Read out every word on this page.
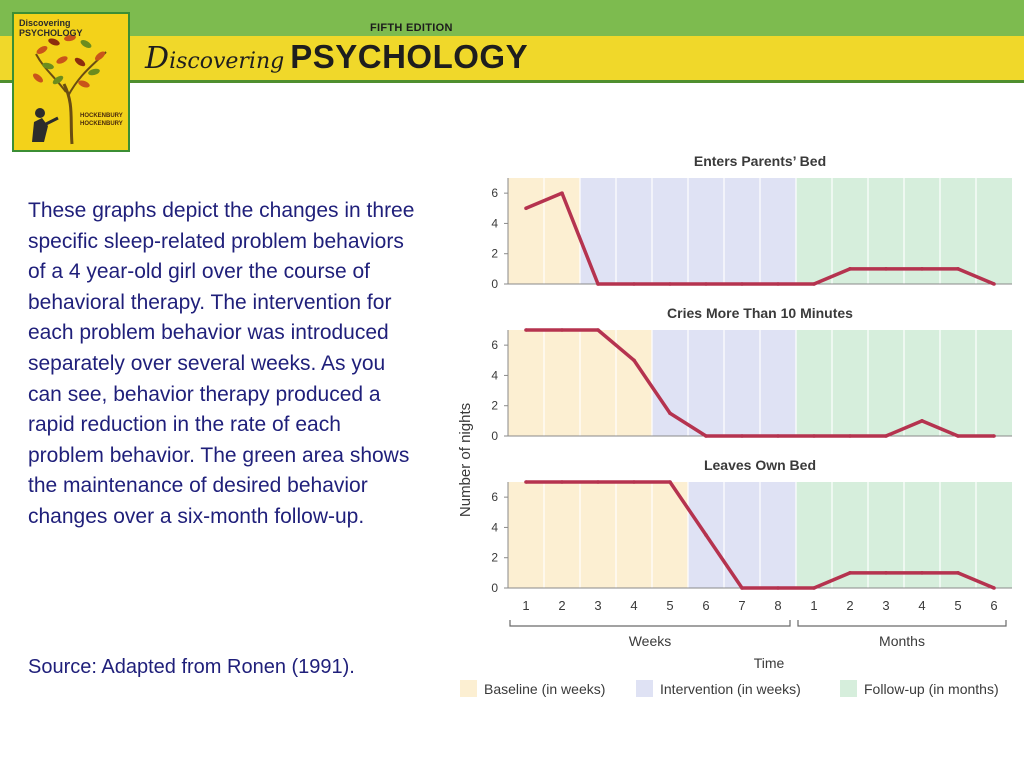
FIFTH EDITION
D iscovering PSYCHOLOGY
Discovering PSYCHOLOGY
HOCKENBURY
HOCKENBURY
These graphs depict the changes in three specific sleep-related problem behaviors of a 4 year-old girl over the course of behavioral therapy. The intervention for each problem behavior was introduced separately over several weeks. As you can see, behavior therapy produced a rapid reduction in the rate of each problem behavior. The green area shows the maintenance of desired behavior changes over a six-month follow-up.
Source: Adapted from Ronen (1991).
0
2
4
6
Enters Parents’ Bed
0
2
4
6
Cries More Than 10 Minutes
0
2
4
6
Leaves Own Bed
1 2 3 4 5 6 7 8 1 2 3 4 5 6
Weeks	Months
Time
Number of nights
Baseline (in weeks)	Intervention (in weeks)	Follow-up (in months)
